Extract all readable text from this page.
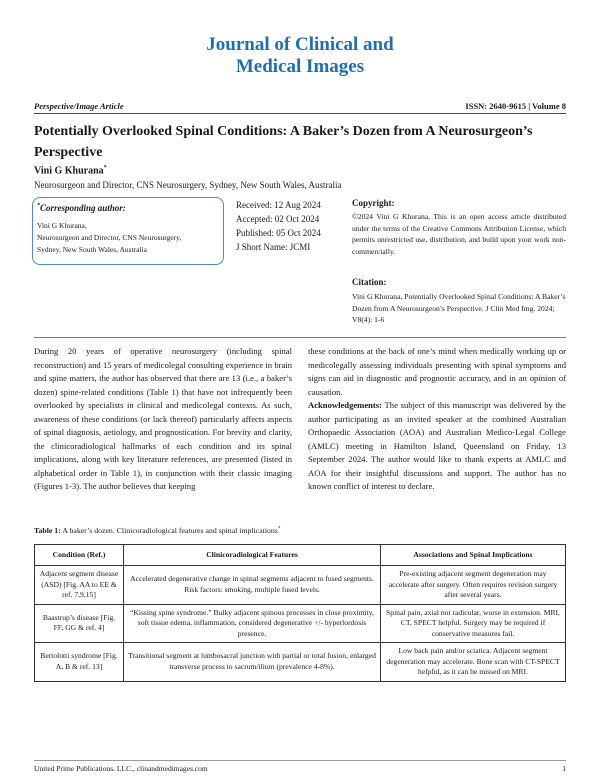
Journal of Clinical and
Medical Images
Perspective/Image Article	ISSN: 2640-9615 | Volume 8
Potentially Overlooked Spinal Conditions: A Baker’s Dozen from A Neurosurgeon’s Perspective
Vini G Khurana*
Neurosurgeon and Director, CNS Neurosurgery, Sydney, New South Wales, Australia
*Corresponding author:
Vini G Khurana,
Neurosurgeon and Director, CNS Neurosurgery,
Sydney, New South Wales, Australia
Received: 12 Aug 2024
Accepted: 02 Oct 2024
Published: 05 Oct 2024
J Short Name: JCMI
Copyright:
©2024 Vini G Khurana, This is an open access article distributed under the terms of the Creative Commons Attribution License, which permits unrestricted use, distribution, and build upon your work non-commercially.
Citation:
Vini G Khurana, Potentially Overlooked Spinal Conditions: A Baker’s Dozen from A Neurosurgeon’s Perspective. J Clin Med Img. 2024; V8(4): 1-6

During 20 years of operative neurosurgery (including spinal reconstruction) and 15 years of medicolegal consulting experience in brain and spine matters, the author has observed that there are 13 (i.e., a baker’s dozen) spine-related conditions (Table 1) that have not infrequently been overlooked by specialists in clinical and medicolegal contexts. As such, awareness of these conditions (or lack thereof) particularly affects aspects of spinal diagnosis, aetiology, and prognostication. For brevity and clarity, the clinicoradiological hallmarks of each condition and its spinal implications, along with key literature references, are presented (listed in alphabetical order in Table 1), in conjunction with their classic imaging (Figures 1-3). The author believes that keeping

these conditions at the back of one’s mind when medically working up or medicolegally assessing individuals presenting with spinal symptoms and signs can aid in diagnostic and prognostic accuracy, and in an opinion of causation.

Acknowledgements: The subject of this manuscript was delivered by the author participating as an invited speaker at the combined Australian Orthopaedic Association (AOA) and Australian Medico-Legal College (AMLC) meeting in Hamilton Island, Queensland on Friday, 13 September 2024. The author would like to thank experts at AMLC and AOA for their insightful discussions and support. The author has no known conflict of interest to declare.

Table 1: A baker’s dozen. Clinicoradiological features and spinal implications*
Condition (Ref.)	Clinicoradiological Features	Associations and Spinal Implications
Adjacent segment disease (ASD) [Fig. AA to EE & ref. 7,9,15]	Accelerated degenerative change in spinal segments adjacent to fused segments. Risk factors: smoking, multiple fused levels.	Pre-existing adjacent segment degeneration may accelerate after surgery. Often requires revision surgery after several years.
Baastrup’s disease [Fig. FF, GG & ref. 4]	“Kissing spine syndrome.” Bulky adjacent spinous processes in close proximity, soft tissue edema, inflammation, considered degenerative +/- hyperlordosis presence.	Spinal pain, axial not radicular, worse in extension. MRI, CT, SPECT helpful. Surgery may be required if conservative measures fail.
Bertolotti syndrome [Fig. A, B & ref. 13]	Transitional segment at lumbosacral junction with partial or total fusion, enlarged transverse process to sacrum/ilium (prevalence 4-8%).	Low back pain and/or sciatica. Adjacent segment degeneration may accelerate. Bone scan with CT-SPECT helpful, as it can be missed on MRI.
United Prime Publications. LLC., clinandmedimages.com	1
